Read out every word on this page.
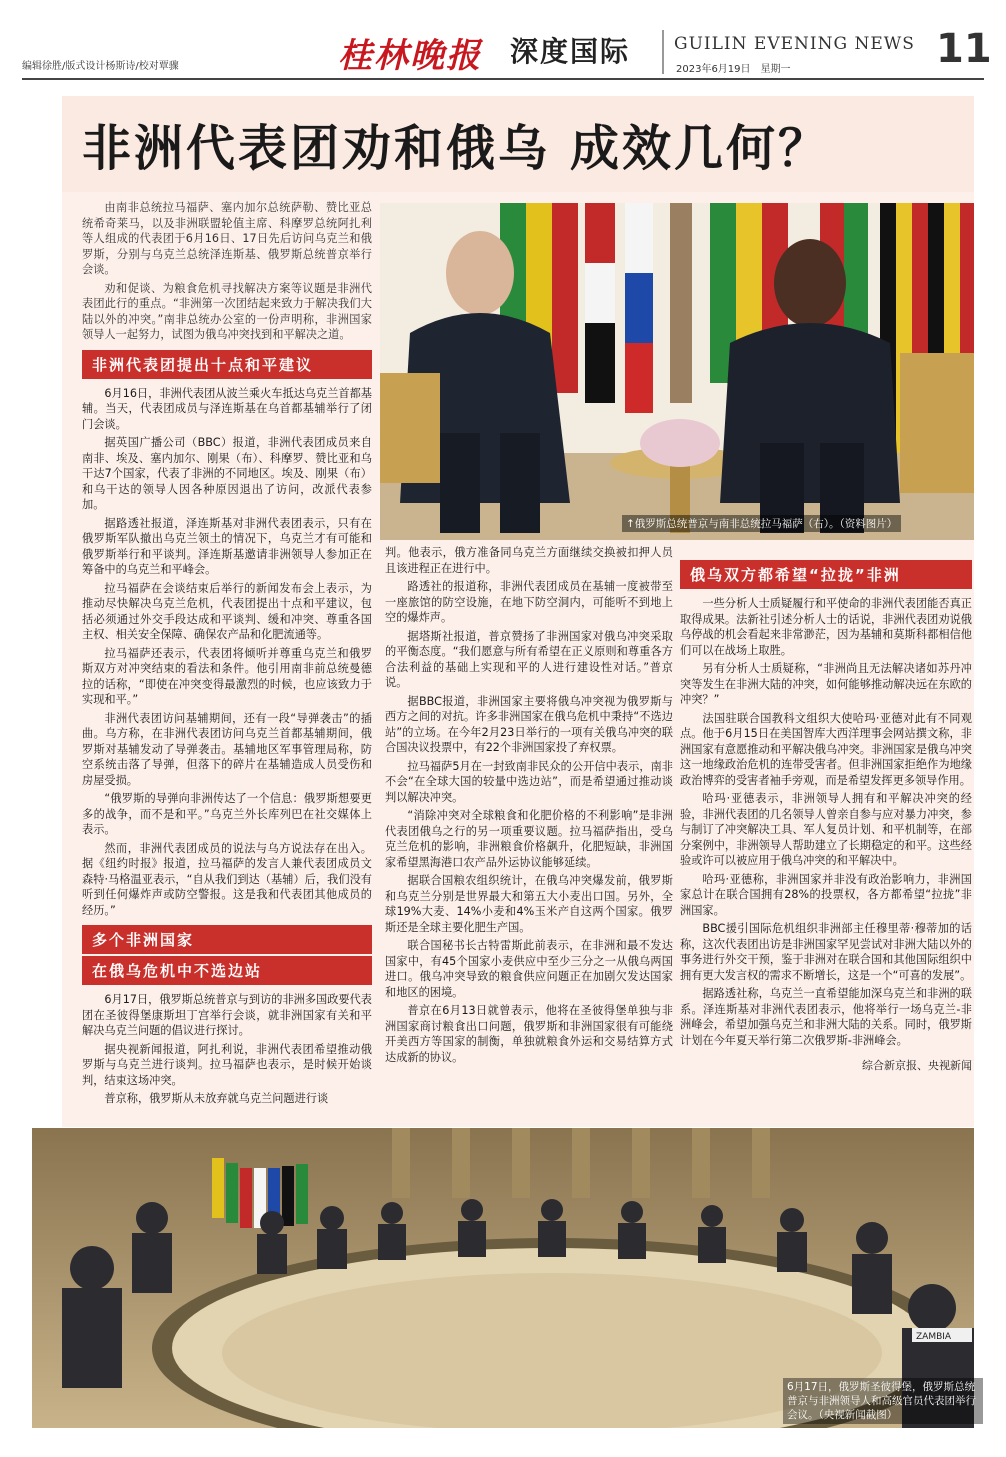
编辑徐胜/版式设计杨斯诗/校对覃骤	桂林晚报 深度国际	GUILIN EVENING NEWS
2023年6月19日　星期一	11
非洲代表团劝和俄乌 成效几何？
↑俄罗斯总统普京与南非总统拉马福萨（右）。（资料图片）

由南非总统拉马福萨、塞内加尔总统萨勒、赞比亚总统希奇莱马，以及非洲联盟轮值主席、科摩罗总统阿扎利等人组成的代表团于6月16日、17日先后访问乌克兰和俄罗斯，分别与乌克兰总统泽连斯基、俄罗斯总统普京举行会谈。

劝和促谈、为粮食危机寻找解决方案等议题是非洲代表团此行的重点。“非洲第一次团结起来致力于解决我们大陆以外的冲突。”南非总统办公室的一份声明称，非洲国家领导人一起努力，试图为俄乌冲突找到和平解决之道。

非洲代表团提出十点和平建议

6月16日，非洲代表团从波兰乘火车抵达乌克兰首都基辅。当天，代表团成员与泽连斯基在乌首都基辅举行了闭门会谈。

据英国广播公司（BBC）报道，非洲代表团成员来自南非、埃及、塞内加尔、刚果（布）、科摩罗、赞比亚和乌干达7个国家，代表了非洲的不同地区。埃及、刚果（布）和乌干达的领导人因各种原因退出了访问，改派代表参加。

据路透社报道，泽连斯基对非洲代表团表示，只有在俄罗斯军队撤出乌克兰领土的情况下，乌克兰才有可能和俄罗斯举行和平谈判。泽连斯基邀请非洲领导人参加正在筹备中的乌克兰和平峰会。

拉马福萨在会谈结束后举行的新闻发布会上表示，为推动尽快解决乌克兰危机，代表团提出十点和平建议，包括必须通过外交手段达成和平谈判、缓和冲突、尊重各国主权、相关安全保障、确保农产品和化肥流通等。

拉马福萨还表示，代表团将倾听并尊重乌克兰和俄罗斯双方对冲突结束的看法和条件。他引用南非前总统曼德拉的话称，“即使在冲突变得最激烈的时候，也应该致力于实现和平。”

非洲代表团访问基辅期间，还有一段“导弹袭击”的插曲。乌方称，在非洲代表团访问乌克兰首都基辅期间，俄罗斯对基辅发动了导弹袭击。基辅地区军事管理局称，防空系统击落了导弹，但落下的碎片在基辅造成人员受伤和房屋受损。

“俄罗斯的导弹向非洲传达了一个信息：俄罗斯想要更多的战争，而不是和平。”乌克兰外长库列巴在社交媒体上表示。

然而，非洲代表团成员的说法与乌方说法存在出入。据《纽约时报》报道，拉马福萨的发言人兼代表团成员文森特·马格温亚表示，“自从我们到达（基辅）后，我们没有听到任何爆炸声或防空警报。这是我和代表团其他成员的经历。”

多个非洲国家
在俄乌危机中不选边站

6月17日，俄罗斯总统普京与到访的非洲多国政要代表团在圣彼得堡康斯坦丁宫举行会谈，就非洲国家有关和平解决乌克兰问题的倡议进行探讨。

据央视新闻报道，阿扎利说，非洲代表团希望推动俄罗斯与乌克兰进行谈判。拉马福萨也表示，是时候开始谈判，结束这场冲突。

普京称，俄罗斯从未放弃就乌克兰问题进行谈

判。他表示，俄方准备同乌克兰方面继续交换被扣押人员且该进程正在进行中。

路透社的报道称，非洲代表团成员在基辅一度被带至一座旅馆的防空设施，在地下防空洞内，可能听不到地上空的爆炸声。

据塔斯社报道，普京赞扬了非洲国家对俄乌冲突采取的平衡态度。“我们愿意与所有希望在正义原则和尊重各方合法利益的基础上实现和平的人进行建设性对话。”普京说。

据BBC报道，非洲国家主要将俄乌冲突视为俄罗斯与西方之间的对抗。许多非洲国家在俄乌危机中秉持“不选边站”的立场。在今年2月23日举行的一项有关俄乌冲突的联合国决议投票中，有22个非洲国家投了弃权票。

拉马福萨5月在一封致南非民众的公开信中表示，南非不会“在全球大国的较量中选边站”，而是希望通过推动谈判以解决冲突。

“消除冲突对全球粮食和化肥价格的不利影响”是非洲代表团俄乌之行的另一项重要议题。拉马福萨指出，受乌克兰危机的影响，非洲粮食价格飙升，化肥短缺，非洲国家希望黑海港口农产品外运协议能够延续。

据联合国粮农组织统计，在俄乌冲突爆发前，俄罗斯和乌克兰分别是世界最大和第五大小麦出口国。另外，全球19%大麦、14%小麦和4%玉米产自这两个国家。俄罗斯还是全球主要化肥生产国。

联合国秘书长古特雷斯此前表示，在非洲和最不发达国家中，有45个国家小麦供应中至少三分之一从俄乌两国进口。俄乌冲突导致的粮食供应问题正在加剧欠发达国家和地区的困境。

普京在6月13日就曾表示，他将在圣彼得堡单独与非洲国家商讨粮食出口问题，俄罗斯和非洲国家很有可能绕开美西方等国家的制衡，单独就粮食外运和交易结算方式达成新的协议。

俄乌双方都希望“拉拢”非洲

一些分析人士质疑履行和平使命的非洲代表团能否真正取得成果。法新社引述分析人士的话说，非洲代表团劝说俄乌停战的机会看起来非常渺茫，因为基辅和莫斯科都相信他们可以在战场上取胜。

另有分析人士质疑称，“非洲尚且无法解决诸如苏丹冲突等发生在非洲大陆的冲突，如何能够推动解决远在东欧的冲突？”

法国驻联合国教科文组织大使哈玛·亚德对此有不同观点。他于6月15日在美国智库大西洋理事会网站撰文称，非洲国家有意愿推动和平解决俄乌冲突。非洲国家是俄乌冲突这一地缘政治危机的连带受害者。但非洲国家拒绝作为地缘政治博弈的受害者袖手旁观，而是希望发挥更多领导作用。

哈玛·亚德表示，非洲领导人拥有和平解决冲突的经验，非洲代表团的几名领导人曾亲自参与应对暴力冲突，参与制订了冲突解决工具、军人复员计划、和平机制等，在部分案例中，非洲领导人帮助建立了长期稳定的和平。这些经验或许可以被应用于俄乌冲突的和平解决中。

哈玛·亚德称，非洲国家并非没有政治影响力，非洲国家总计在联合国拥有28%的投票权，各方都希望“拉拢”非洲国家。

BBC援引国际危机组织非洲部主任穆里蒂·穆蒂加的话称，这次代表团出访是非洲国家罕见尝试对非洲大陆以外的事务进行外交干预，鉴于非洲对在联合国和其他国际组织中拥有更大发言权的需求不断增长，这是一个“可喜的发展”。

据路透社称，乌克兰一直希望能加深乌克兰和非洲的联系。泽连斯基对非洲代表团表示，他将举行一场乌克兰-非洲峰会，希望加强乌克兰和非洲大陆的关系。同时，俄罗斯计划在今年夏天举行第二次俄罗斯-非洲峰会。

综合新京报、央视新闻

ZAMBIA
6月17日，俄罗斯圣彼得堡，俄罗斯总统普京与非洲领导人和高级官员代表团举行会议。（央视新闻截图）
